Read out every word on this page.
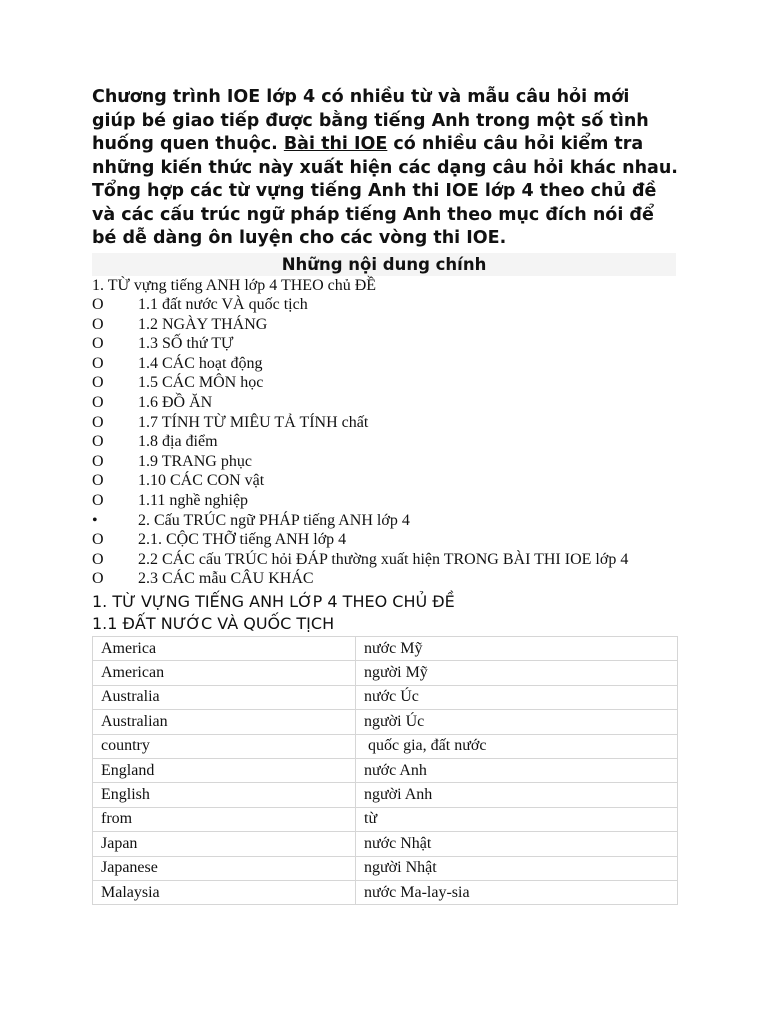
Chương trình IOE lớp 4 có nhiều từ và mẫu câu hỏi mới giúp bé giao tiếp được bằng tiếng Anh trong một số tình huống quen thuộc. Bài thi IOE có nhiều câu hỏi kiểm tra những kiến thức này xuất hiện các dạng câu hỏi khác nhau. Tổng hợp các từ vựng tiếng Anh thi IOE lớp 4 theo chủ đề và các cấu trúc ngữ pháp tiếng Anh theo mục đích nói để bé dễ dàng ôn luyện cho các vòng thi IOE.

Những nội dung chính
1. TỪ vựng tiếng ANH lớp 4 THEO chủ ĐỀ
O	1.1 đất nước VÀ quốc tịch
O	1.2 NGÀY THÁNG
O	1.3 SỐ thứ TỰ
O	1.4 CÁC hoạt động
O	1.5 CÁC MÔN học
O	1.6 ĐỒ ĂN
O	1.7 TÍNH TỪ MIÊU TẢ TÍNH chất
O	1.8 địa điểm
O	1.9 TRANG phục
O	1.10 CÁC CON vật
O	1.11 nghề nghiệp
•	2. Cấu TRÚC ngữ PHÁP tiếng ANH lớp 4
O	2.1. CỘC THỠ tiếng ANH lớp 4
O 2.2 CÁC cấu TRÚC hỏi ĐÁP thường xuất hiện TRONG BÀI THI IOE lớp 4
O	2.3 CÁC mẫu CÂU KHÁC
1. TỪ VỰNG TIẾNG ANH LỚP 4 THEO CHỦ ĐỀ
1.1 ĐẤT NƯỚC VÀ QUỐC TỊCH
America	nước Mỹ
American	người Mỹ
Australia	nước Úc
Australian	người Úc
country	quốc gia, đất nước
England	nước Anh
English	người Anh
from	từ
Japan	nước Nhật
Japanese	người Nhật
Malaysia	nước Ma-lay-sia
